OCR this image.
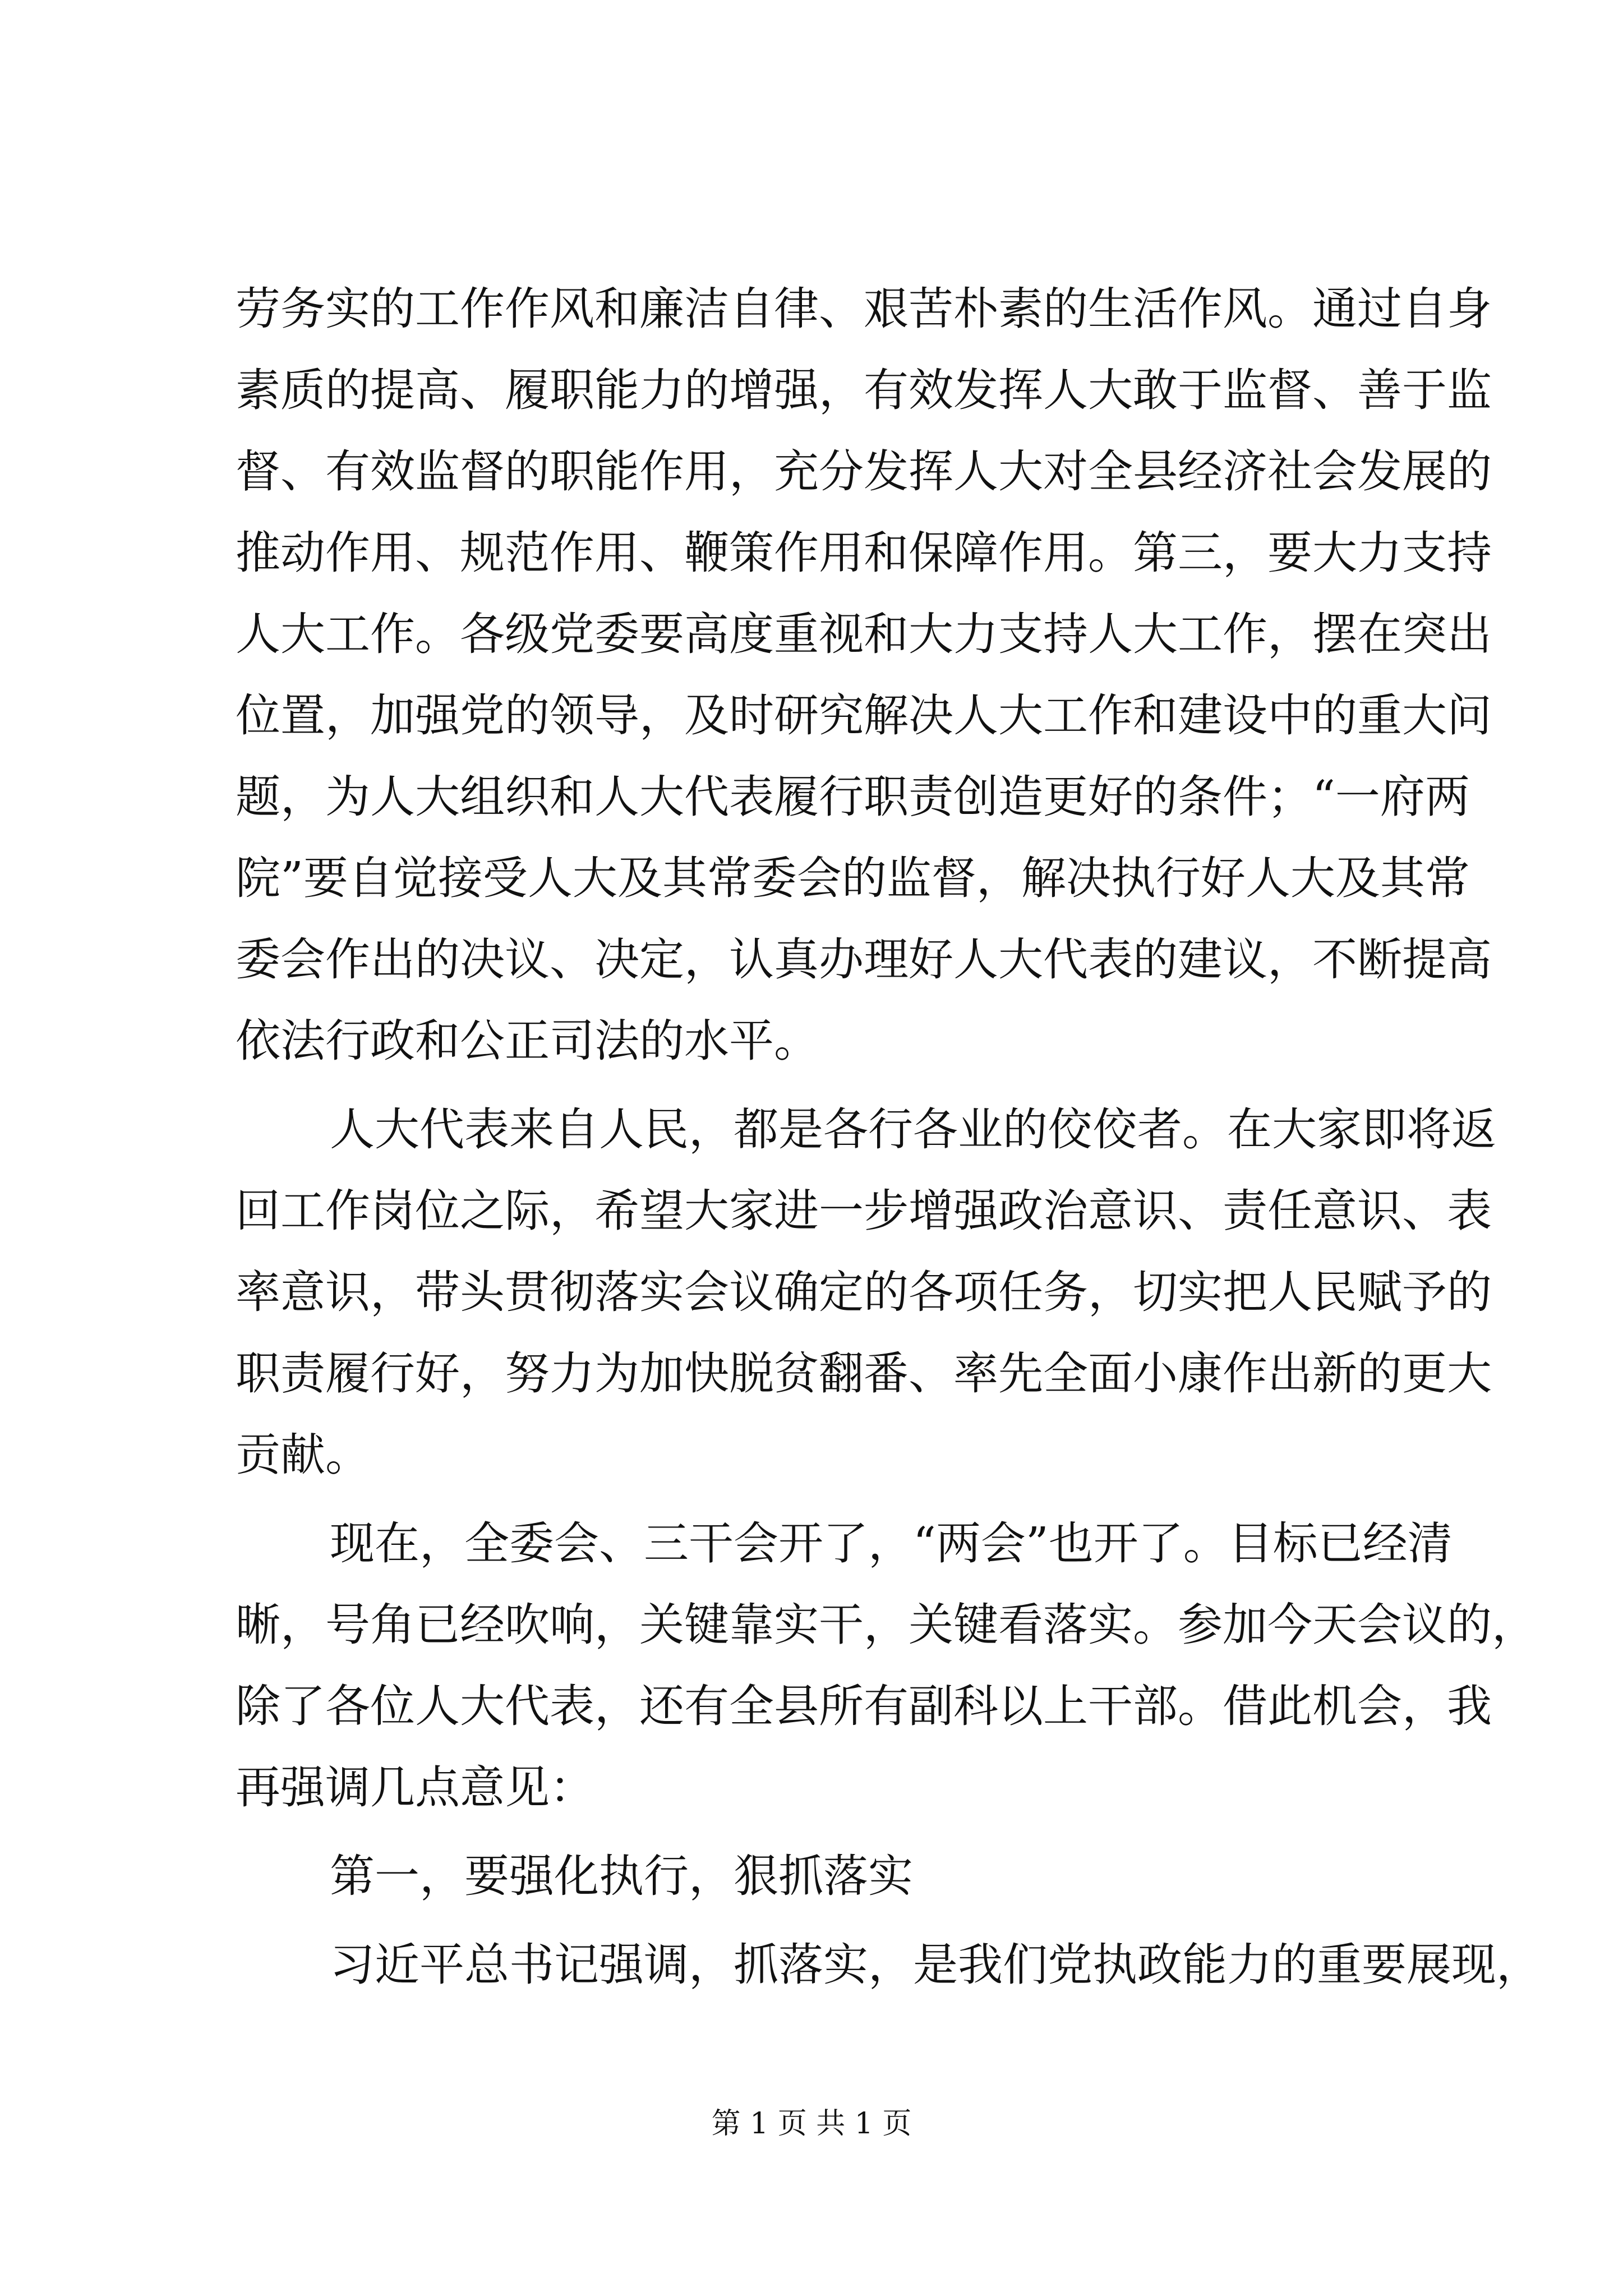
劳务实的工作作风和廉洁自律、艰苦朴素的生活作风。通过自身
素质的提高、履职能力的增强，有效发挥人大敢于监督、善于监
督、有效监督的职能作用，充分发挥人大对全县经济社会发展的
推动作用、规范作用、鞭策作用和保障作用。第三，要大力支持
人大工作。各级党委要高度重视和大力支持人大工作，摆在突出
位置，加强党的领导，及时研究解决人大工作和建设中的重大问
题，为人大组织和人大代表履行职责创造更好的条件；“一府两
院”要自觉接受人大及其常委会的监督，解决执行好人大及其常
委会作出的决议、决定，认真办理好人大代表的建议，不断提高
依法行政和公正司法的水平。
人大代表来自人民，都是各行各业的佼佼者。在大家即将返
回工作岗位之际，希望大家进一步增强政治意识、责任意识、表
率意识，带头贯彻落实会议确定的各项任务，切实把人民赋予的
职责履行好，努力为加快脱贫翻番、率先全面小康作出新的更大
贡献。
现在，全委会、三干会开了，“两会”也开了。目标已经清
晰，号角已经吹响，关键靠实干，关键看落实。参加今天会议的，
除了各位人大代表，还有全县所有副科以上干部。借此机会，我
再强调几点意见：
第一，要强化执行，狠抓落实
习近平总书记强调，抓落实，是我们党执政能力的重要展现，
第 1 页 共 1 页
